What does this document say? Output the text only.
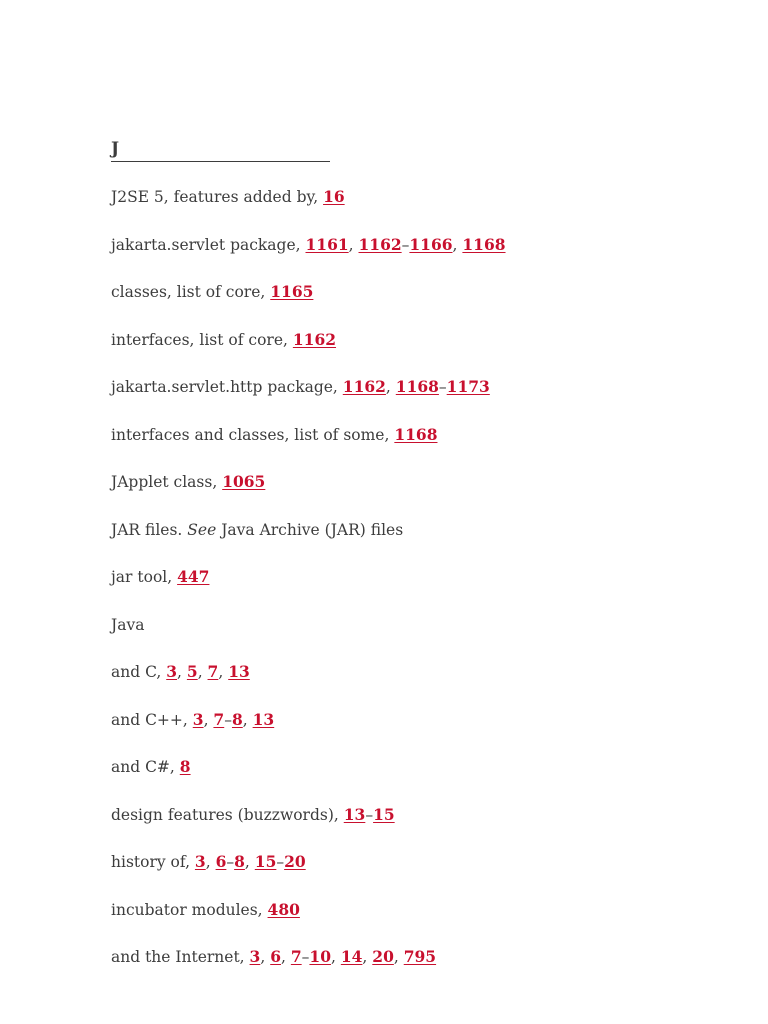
J
J2SE 5, features added by, 16
jakarta.servlet package, 1161, 1162–1166, 1168
classes, list of core, 1165
interfaces, list of core, 1162
jakarta.servlet.http package, 1162, 1168–1173
interfaces and classes, list of some, 1168
JApplet class, 1065
JAR files. See Java Archive (JAR) files
jar tool, 447
Java
and C, 3, 5, 7, 13
and C++, 3, 7–8, 13
and C#, 8
design features (buzzwords), 13–15
history of, 3, 6–8, 15–20
incubator modules, 480
and the Internet, 3, 6, 7–10, 14, 20, 795
